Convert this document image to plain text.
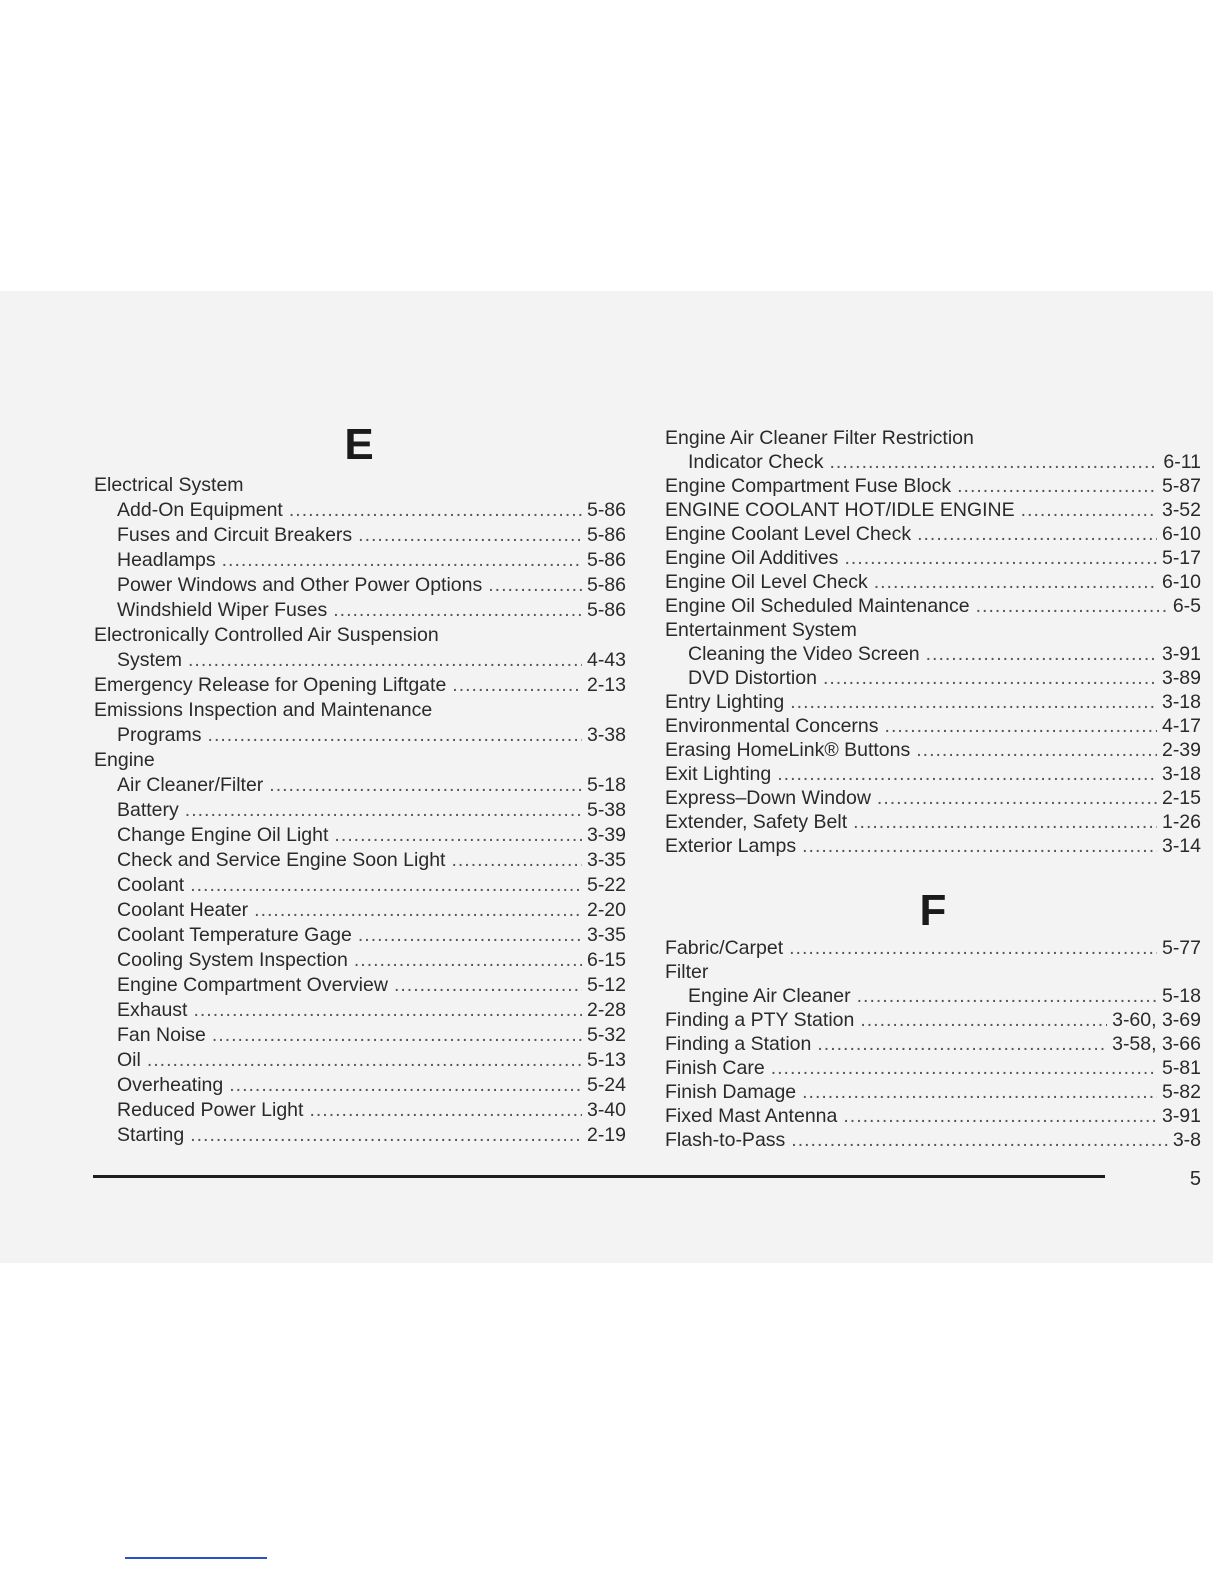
E
Electrical System
Add-On Equipment .....	5-86
Fuses and Circuit Breakers .....	5-86
Headlamps .....	5-86
Power Windows and Other Power Options .....	5-86
Windshield Wiper Fuses .....	5-86
Electronically Controlled Air Suspension
System .....	4-43
Emergency Release for Opening Liftgate .....	2-13
Emissions Inspection and Maintenance
Programs .....	3-38
Engine
Air Cleaner/Filter .....	5-18
Battery .....	5-38
Change Engine Oil Light .....	3-39
Check and Service Engine Soon Light .....	3-35
Coolant .....	5-22
Coolant Heater .....	2-20
Coolant Temperature Gage .....	3-35
Cooling System Inspection .....	6-15
Engine Compartment Overview .....	5-12
Exhaust .....	2-28
Fan Noise .....	5-32
Oil .....	5-13
Overheating .....	5-24
Reduced Power Light .....	3-40
Starting .....	2-19
Engine Air Cleaner Filter Restriction
Indicator Check .....	6-11
Engine Compartment Fuse Block .....	5-87
ENGINE COOLANT HOT/IDLE ENGINE .....	3-52
Engine Coolant Level Check .....	6-10
Engine Oil Additives .....	5-17
Engine Oil Level Check .....	6-10
Engine Oil Scheduled Maintenance .....	6-5
Entertainment System
Cleaning the Video Screen .....	3-91
DVD Distortion .....	3-89
Entry Lighting .....	3-18
Environmental Concerns .....	4-17
Erasing HomeLink® Buttons .....	2-39
Exit Lighting .....	3-18
Express–Down Window .....	2-15
Extender, Safety Belt .....	1-26
Exterior Lamps .....	3-14
F
Fabric/Carpet .....	5-77
Filter
Engine Air Cleaner .....	5-18
Finding a PTY Station .....	3-60, 3-69
Finding a Station .....	3-58, 3-66
Finish Care .....	5-81
Finish Damage .....	5-82
Fixed Mast Antenna .....	3-91
Flash-to-Pass .....	3-8
5
